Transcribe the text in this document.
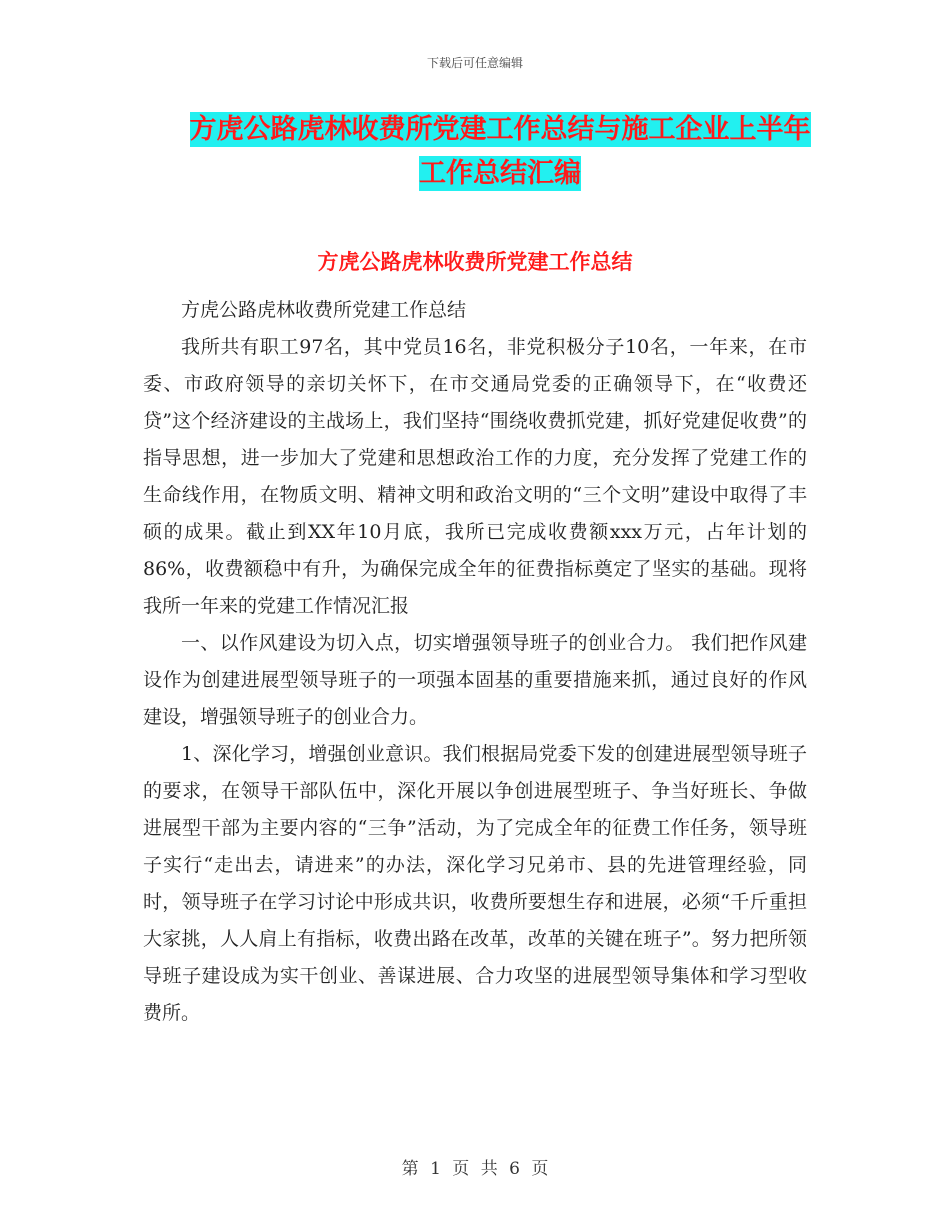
下载后可任意编辑
方虎公路虎林收费所党建工作总结与施工企业上半年
工作总结汇编
方虎公路虎林收费所党建工作总结

方虎公路虎林收费所党建工作总结

我所共有职工97名，其中党员16名，非党积极分子10名，一年来，在市委、市政府领导的亲切关怀下，在市交通局党委的正确领导下，在“收费还贷”这个经济建设的主战场上，我们坚持“围绕收费抓党建，抓好党建促收费”的指导思想，进一步加大了党建和思想政治工作的力度，充分发挥了党建工作的生命线作用，在物质文明、精神文明和政治文明的“三个文明”建设中取得了丰硕的成果。截止到XX年10月底，我所已完成收费额xxx万元，占年计划的86%，收费额稳中有升，为确保完成全年的征费指标奠定了坚实的基础。现将我所一年来的党建工作情况汇报

一、以作风建设为切入点，切实增强领导班子的创业合力。 我们把作风建设作为创建进展型领导班子的一项强本固基的重要措施来抓，通过良好的作风建设，增强领导班子的创业合力。

1、深化学习，增强创业意识。我们根据局党委下发的创建进展型领导班子的要求，在领导干部队伍中，深化开展以争创进展型班子、争当好班长、争做进展型干部为主要内容的“三争”活动，为了完成全年的征费工作任务，领导班子实行“走出去，请进来”的办法，深化学习兄弟市、县的先进管理经验，同时，领导班子在学习讨论中形成共识，收费所要想生存和进展，必须“千斤重担大家挑，人人肩上有指标，收费出路在改革，改革的关键在班子”。努力把所领导班子建设成为实干创业、善谋进展、合力攻坚的进展型领导集体和学习型收费所。

第 1 页 共 6 页
